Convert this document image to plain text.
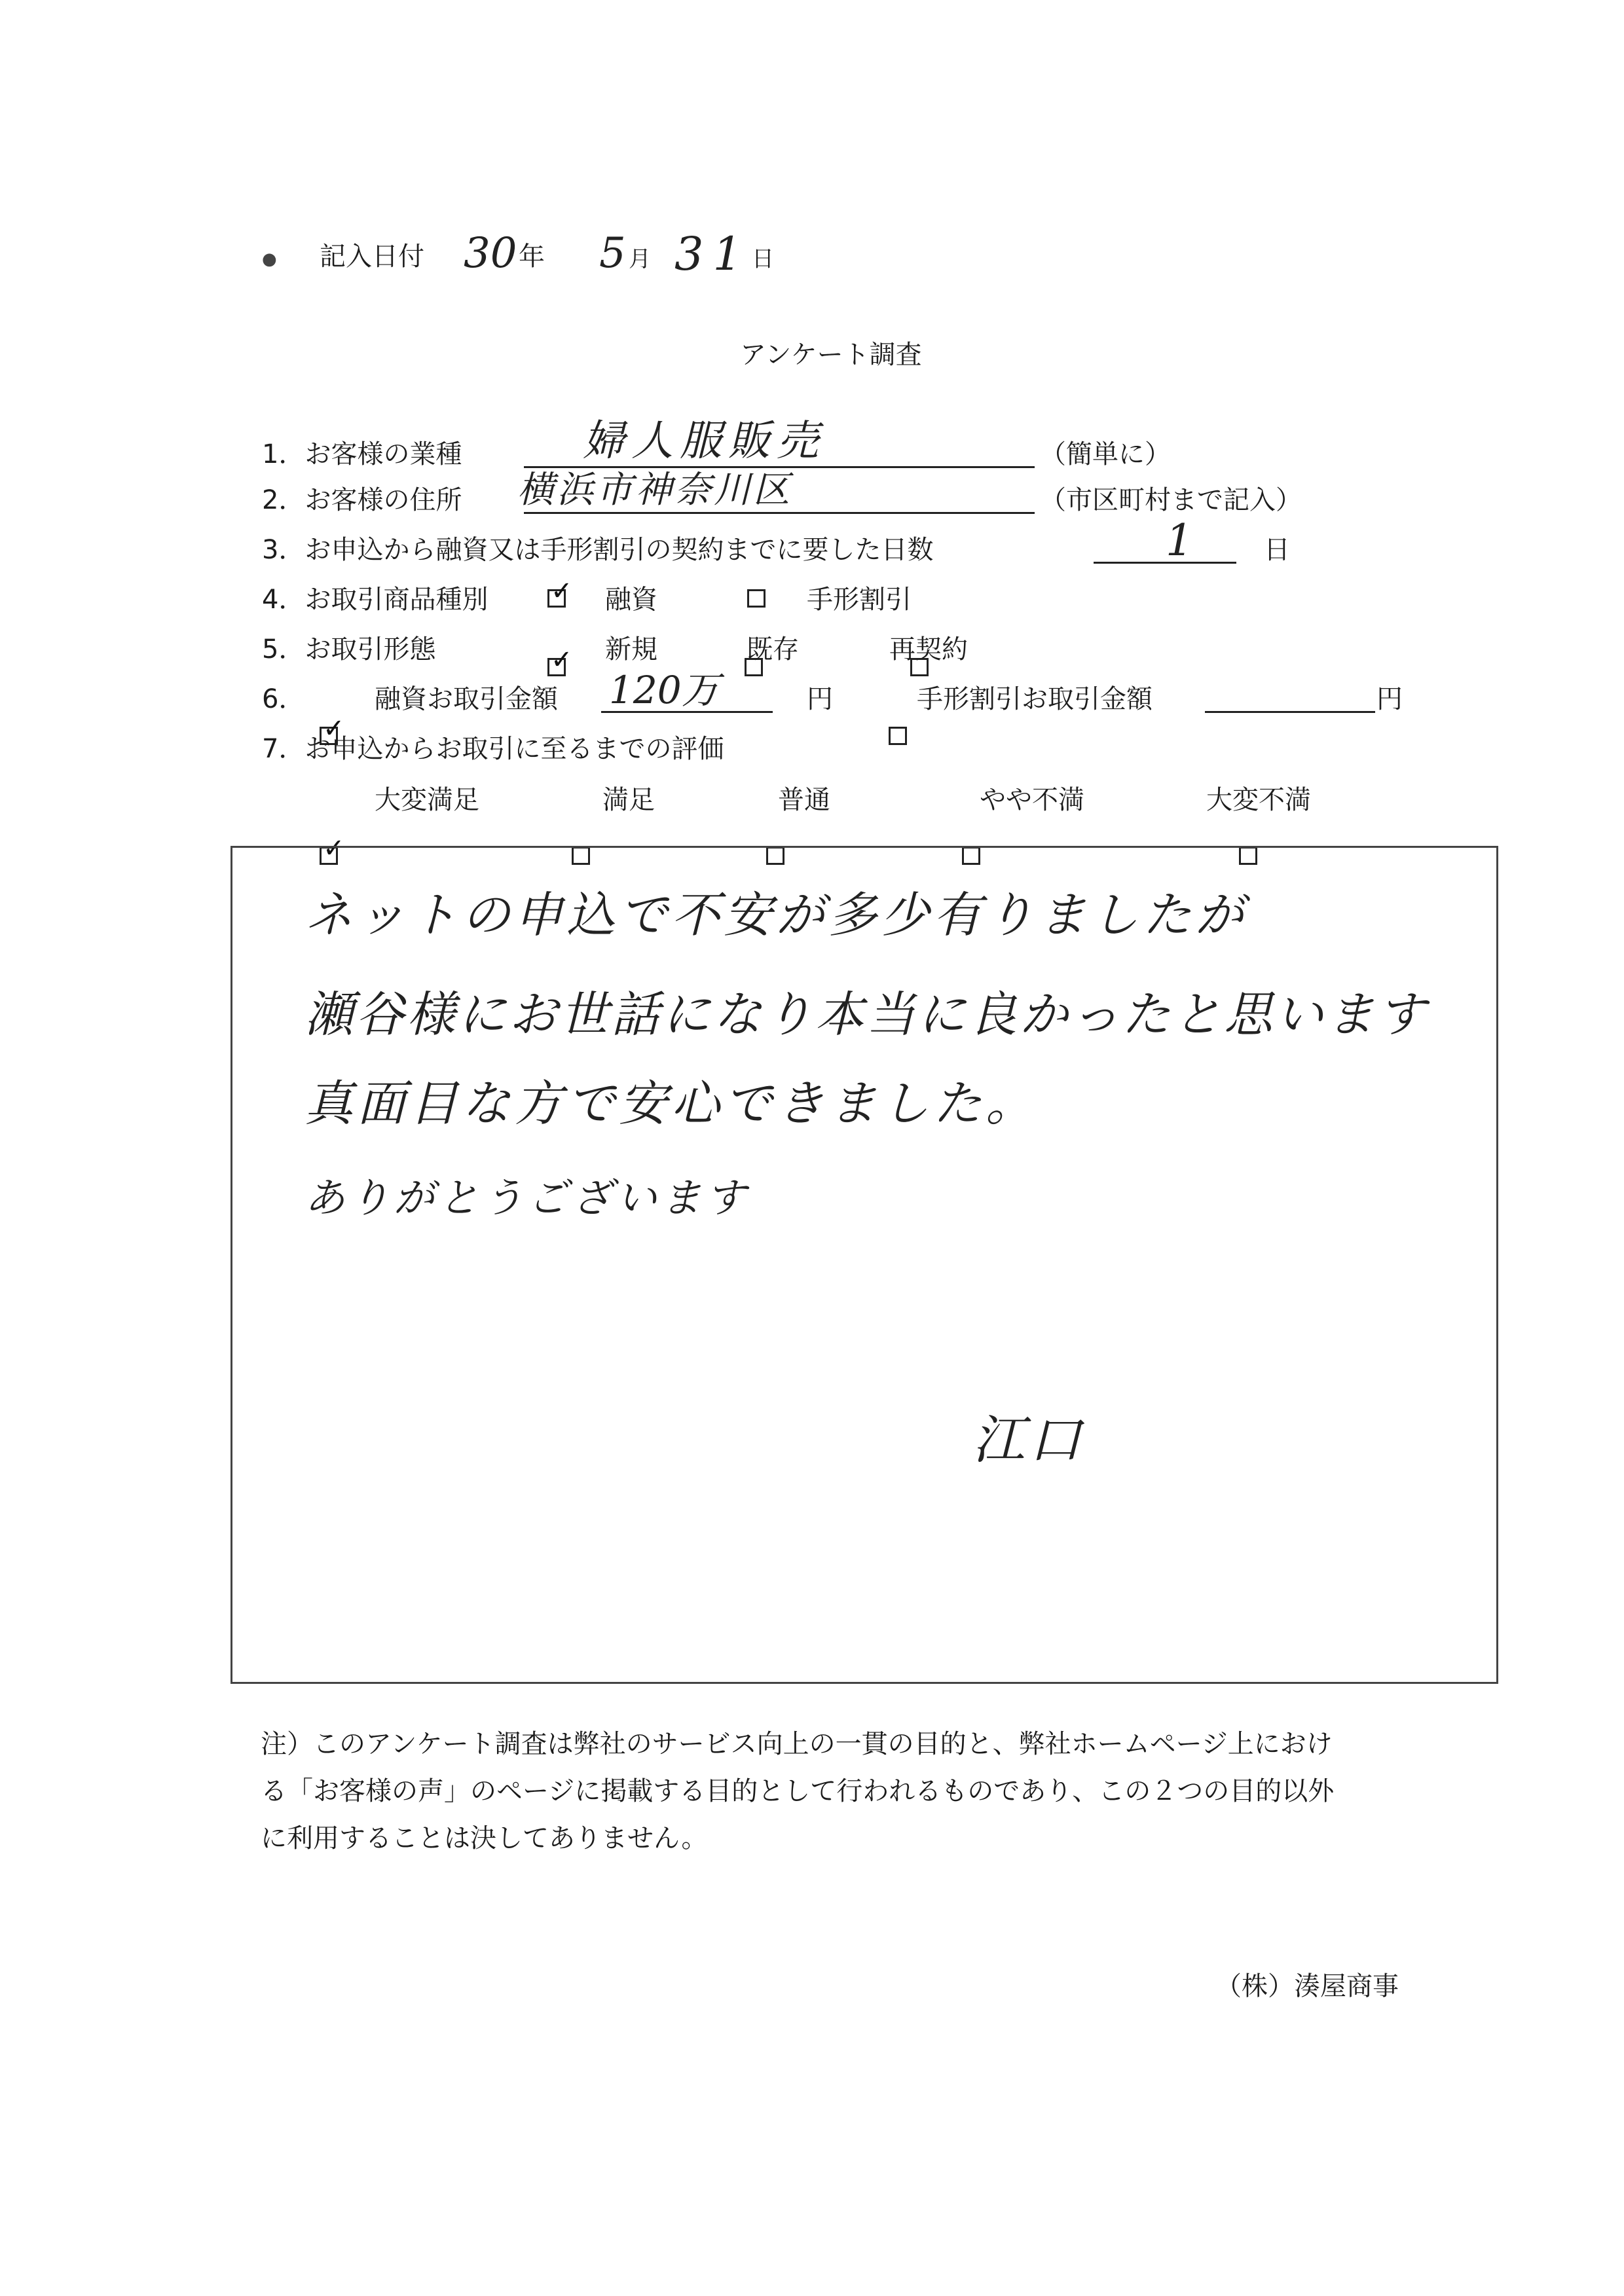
● 記入日付 30 年 5 月 31 日
アンケート調査
1．お客様の業種	婦人服販売	（簡単に）
2．お客様の住所 横浜市神奈川区	（市区町村まで記入）
3．お申込から融資又は手形割引の契約までに要した日数	1	日
4．お取引商品種別
✓	融資	手形割引
5．お取引形態
✓	新規
	既存	再契約
6．
✓	融資お取引金額 120万	円	手形割引お取引金額	円
7．お申込からお取引に至るまでの評価
✓
大変満足
	満足
	普通
	やや不満	大変不満
ネットの申込で不安が多少有りましたが
瀬谷様にお世話になり本当に良かったと思います
真面目な方で安心できました。
ありがとうございます
江口
注）このアンケート調査は弊社のサービス向上の一貫の目的と、弊社ホームページ上におけ
る「お客様の声」のページに掲載する目的として行われるものであり、この２つの目的以外
に利用することは決してありません。
（株）湊屋商事
